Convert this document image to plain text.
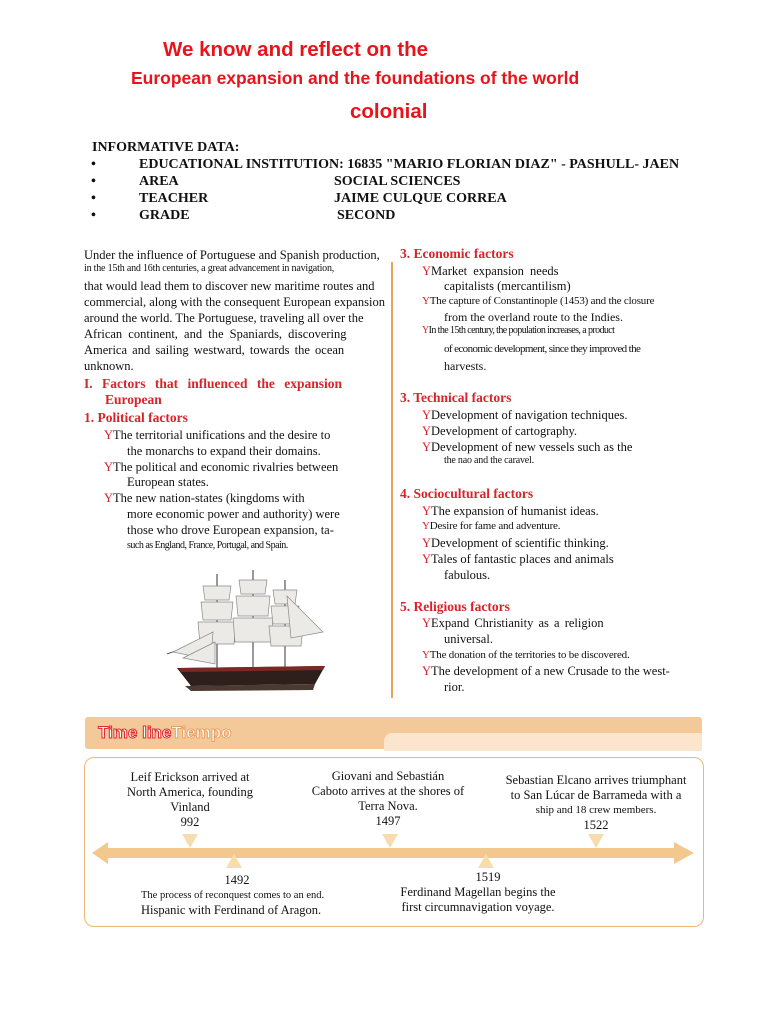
We know and reflect on the
European expansion and the foundations of the world
colonial
INFORMATIVE DATA:
•	EDUCATIONAL INSTITUTION: 16835 "MARIO FLORIAN DIAZ" - PASHULL- JAEN
•	AREA	SOCIAL SCIENCES
•	TEACHER	JAIME CULQUE CORREA
•	GRADE	SECOND
Under the influence of Portuguese and Spanish production,
in the 15th and 16th centuries, a great advancement in navigation,
that would lead them to discover new maritime routes and
commercial, along with the consequent European expansion
around the world. The Portuguese, traveling all over the
African continent, and the Spaniards, discovering
America and sailing westward, towards the ocean
unknown.
I. Factors that influenced the expansion
European
1. Political factors
YThe territorial unifications and the desire to
the monarchs to expand their domains.
YThe political and economic rivalries between
European states.
YThe new nation-states (kingdoms with
more economic power and authority) were
those who drove European expansion, ta-
such as England, France, Portugal, and Spain.
3. Economic factors
YMarket expansion needs
capitalists (mercantilism)
YThe capture of Constantinople (1453) and the closure
from the overland route to the Indies.
YIn the 15th century, the population increases, a product
of economic development, since they improved the
harvests.
3. Technical factors
YDevelopment of navigation techniques.
YDevelopment of cartography.
YDevelopment of new vessels such as the
the nao and the caravel.
4. Sociocultural factors
YThe expansion of humanist ideas.
YDesire for fame and adventure.
YDevelopment of scientific thinking.
YTales of fantastic places and animals
fabulous.
5. Religious factors
YExpand Christianity as a religion
universal.
YThe donation of the territories to be discovered.
YThe development of a new Crusade to the west-
rior.
Time lineTiempo
Leif Erickson arrived at
North America, founding
Vinland
992
Giovani and Sebastián
Caboto arrives at the shores of
Terra Nova.
1497
Sebastian Elcano arrives triumphant
to San Lúcar de Barrameda with a
ship and 18 crew members.
1522
1492
The process of reconquest comes to an end.
Hispanic with Ferdinand of Aragon.
1519
Ferdinand Magellan begins the
first circumnavigation voyage.
